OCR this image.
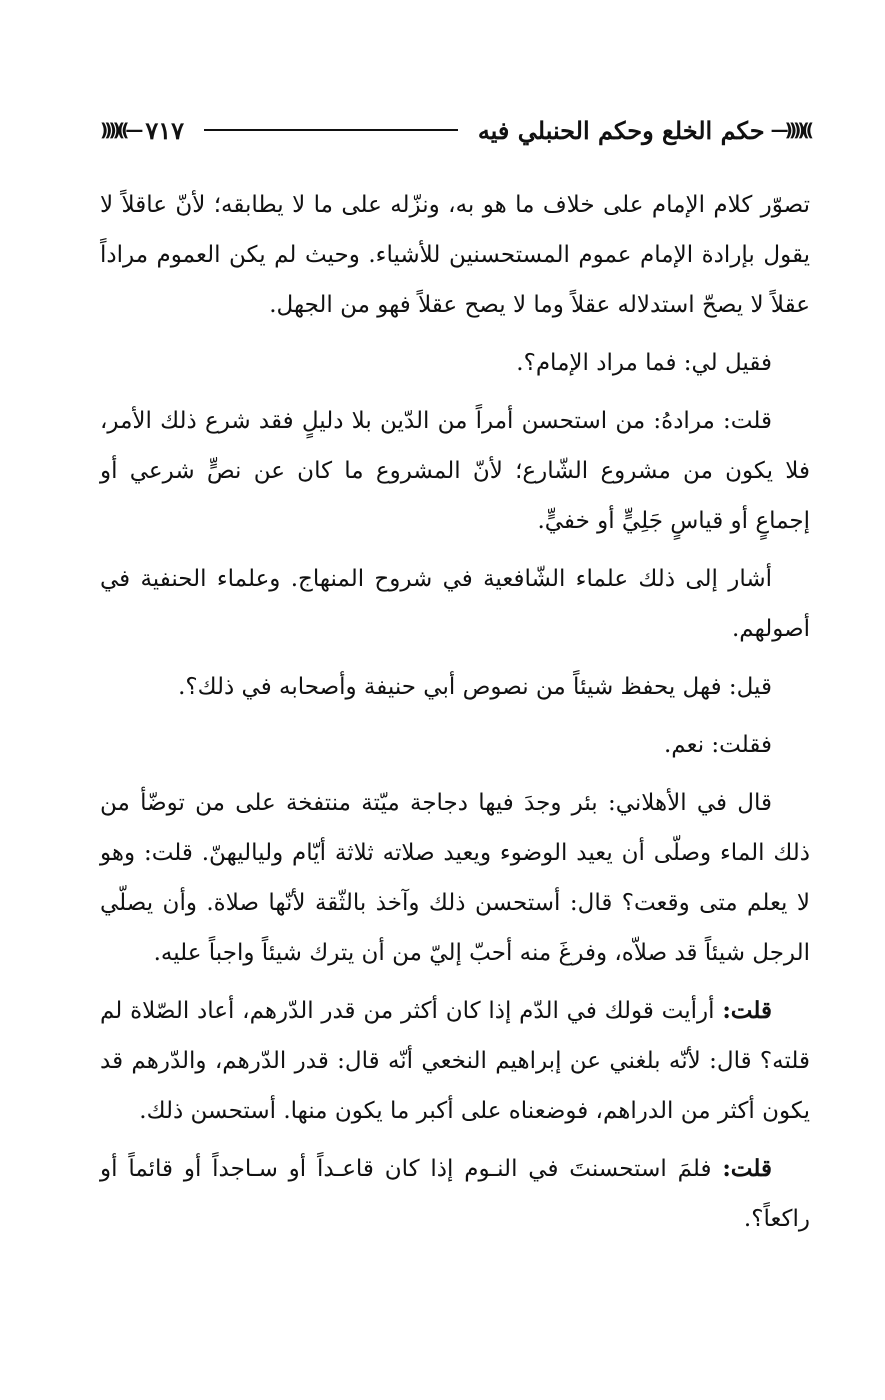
))))((— ٧١٧	حكم الخلع وحكم الحنبلي فيه —))))((

تصوّر كلام الإمام على خلاف ما هو به، ونزّله على ما لا يطابقه؛ لأنّ عاقلاً لا يقول بإرادة الإمام عموم المستحسنين للأشياء. وحيث لم يكن العموم مراداً عقلاً لا يصحّ استدلاله عقلاً وما لا يصح عقلاً فهو من الجهل.

فقيل لي: فما مراد الإمام؟.

قلت: مرادهُ: من استحسن أمراً من الدّين بلا دليلٍ فقد شرع ذلك الأمر، فلا يكون من مشروع الشّارع؛ لأنّ المشروع ما كان عن نصٍّ شرعي أو إجماعٍ أو قياسٍ جَلِيٍّ أو خفيٍّ.

أشار إلى ذلك علماء الشّافعية في شروح المنهاج. وعلماء الحنفية في أصولهم.

قيل: فهل يحفظ شيئاً من نصوص أبي حنيفة وأصحابه في ذلك؟.

فقلت: نعم.

قال في الأهلاني: بئر وجدَ فيها دجاجة ميّتة منتفخة على من توضّأ من ذلك الماء وصلّى أن يعيد الوضوء ويعيد صلاته ثلاثة أيّام ولياليهنّ. قلت: وهو لا يعلم متى وقعت؟ قال: أستحسن ذلك وآخذ بالثّقة لأنّها صلاة. وأن يصلّي الرجل شيئاً قد صلاّه، وفرغَ منه أحبّ إليّ من أن يترك شيئاً واجباً عليه.

قلت: أرأيت قولك في الدّم إذا كان أكثر من قدر الدّرهم، أعاد الصّلاة لم قلته؟ قال: لأنّه بلغني عن إبراهيم النخعي أنّه قال: قدر الدّرهم، والدّرهم قد يكون أكثر من الدراهم، فوضعناه على أكبر ما يكون منها. أستحسن ذلك.

قلت: فلمَ استحسنتَ في النـوم إذا كان قاعـداً أو سـاجداً أو قائماً أو راكعاً؟.
